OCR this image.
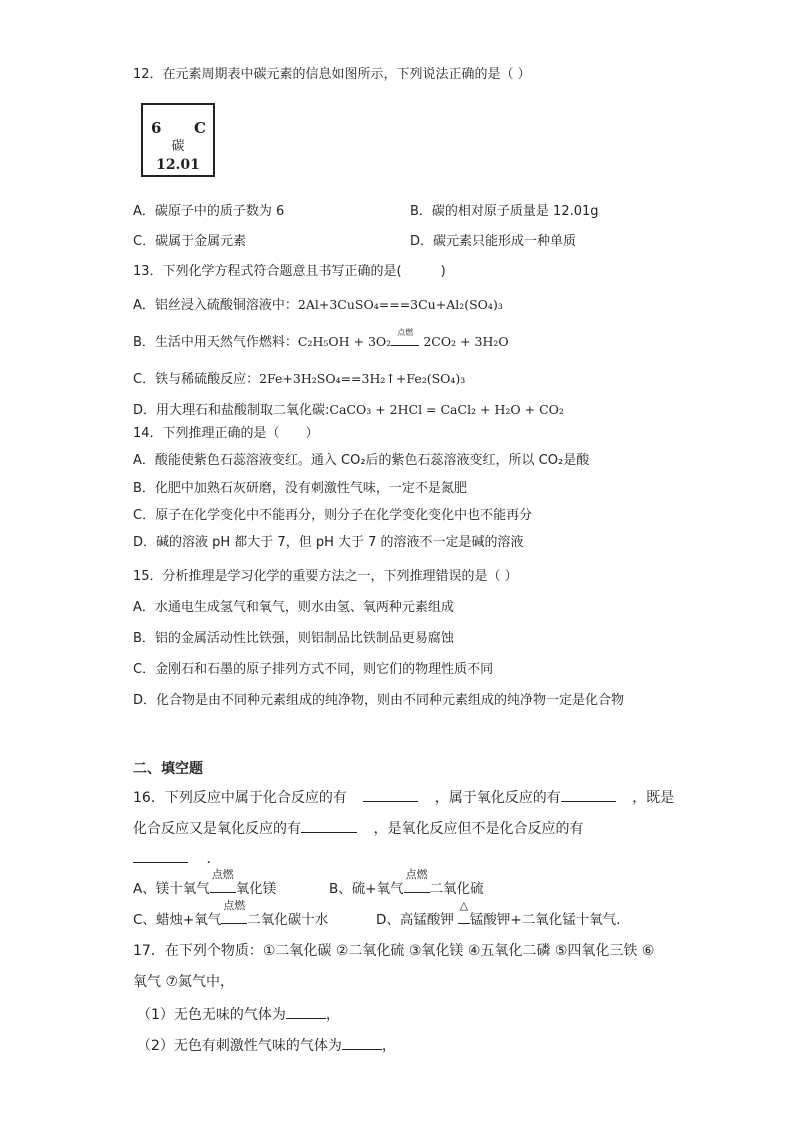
12．在元素周期表中碳元素的信息如图所示，下列说法正确的是（ ）
6 C
碳
12.01
A．碳原子中的质子数为 6	B．碳的相对原子质量是 12.01g
C．碳属于金属元素	D．碳元素只能形成一种单质
13．下列化学方程式符合题意且书写正确的是(　　　)
A．铝丝浸入硫酸铜溶液中：2Al+3CuSO₄===3Cu+Al₂(SO₄)₃
B．生活中用天然气作燃料：C₂H₅OH + 3O₂
点燃
2CO₂ + 3H₂O
C．铁与稀硫酸反应：2Fe+3H₂SO₄==3H₂↑+Fe₂(SO₄)₃
D．用大理石和盐酸制取二氧化碳:CaCO₃ + 2HCl = CaCl₂ + H₂O + CO₂
14．下列推理正确的是（　　）
A．酸能使紫色石蕊溶液变红。通入 CO₂后的紫色石蕊溶液变红，所以 CO₂是酸
B．化肥中加熟石灰研磨，没有刺激性气味，一定不是氮肥
C．原子在化学变化中不能再分，则分子在化学变化变化中也不能再分
D．碱的溶液 pH 都大于 7，但 pH 大于 7 的溶液不一定是碱的溶液
15．分析推理是学习化学的重要方法之一，下列推理错误的是（ ）
A．水通电生成氢气和氧气，则水由氢、氧两种元素组成
B．铝的金属活动性比铁强，则铝制品比铁制品更易腐蚀
C．金刚石和石墨的原子排列方式不同，则它们的物理性质不同
D．化合物是由不同种元素组成的纯净物，则由不同种元素组成的纯净物一定是化合物
二、填空题
16．下列反应中属于化合反应的有	，属于氧化反应的有	，既是
化合反应又是氧化反应的有	，是氧化反应但不是化合反应的有
．
A、镁十氧气
点燃
氧化镁	B、硫+氧气
点燃
二氧化硫
C、蜡烛+氧气
点燃
二氧化碳十水	D、高锰酸钾
△
锰酸钾+二氧化锰十氧气．
17．在下列个物质：①二氧化碳 ②二氧化硫 ③氧化镁 ④五氧化二磷 ⑤四氧化三铁 ⑥
氧气 ⑦氮气中，
（1）无色无味的气体为	，
（2）无色有刺激性气味的气体为	，
